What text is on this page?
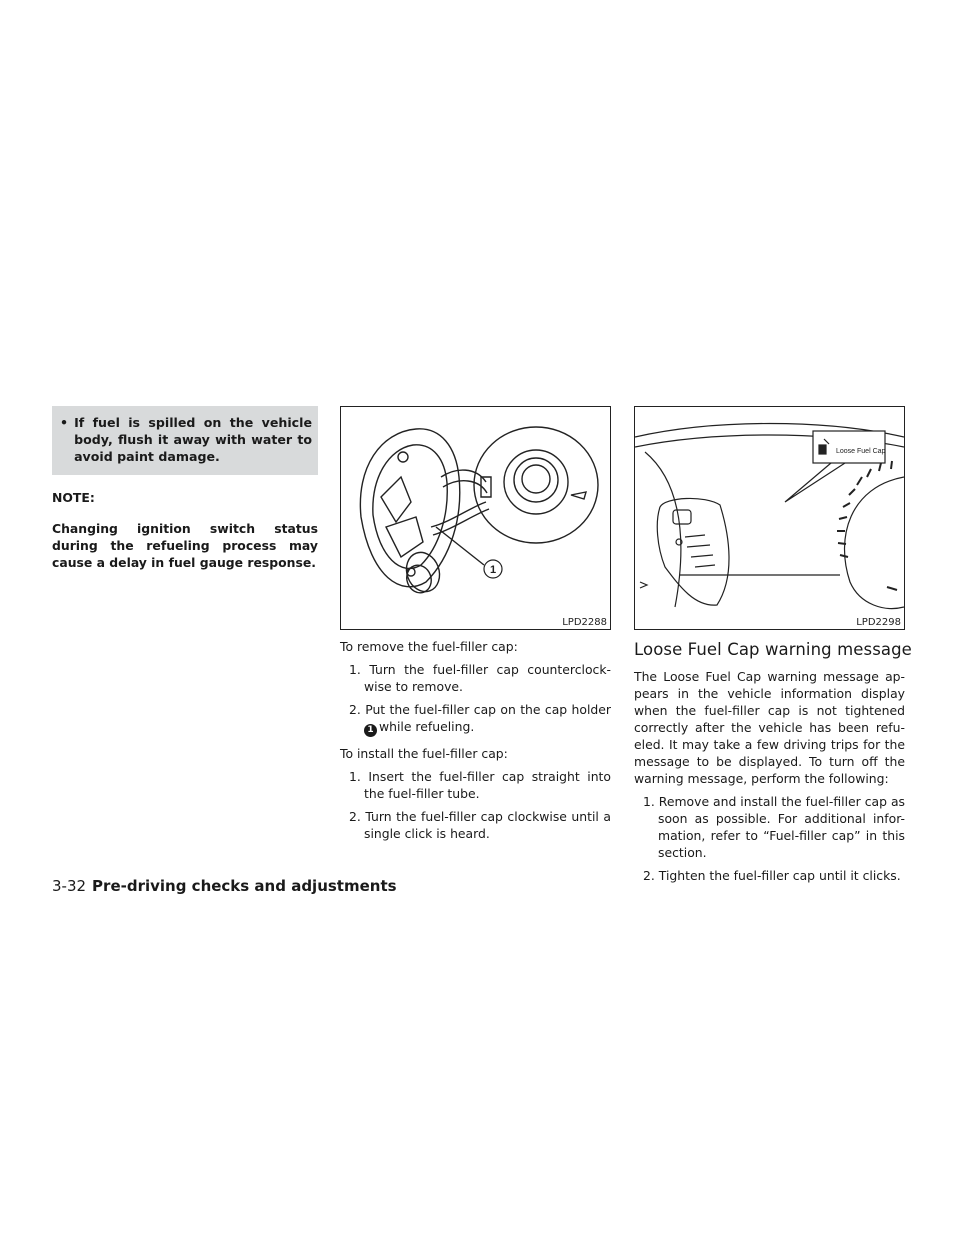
• If fuel is spilled on the vehicle body, flush it away with water to avoid paint damage.
NOTE:
Changing ignition switch status during the refueling process may cause a delay in fuel gauge response.	1
LPD2288
To remove the fuel-filler cap:
1. Turn the fuel-filler cap counterclock- wise to remove.
2. Put the fuel-filler cap on the cap holder 1 while refueling.
To install the fuel-filler cap:
1. Insert the fuel-filler cap straight into the fuel-filler tube.
2. Turn the fuel-filler cap clockwise until a single click is heard.
Loose Fuel Cap
LPD2298
Loose Fuel Cap warning message
The Loose Fuel Cap warning message ap- pears in the vehicle information display when the fuel-filler cap is not tightened correctly after the vehicle has been refu- eled. It may take a few driving trips for the message to be displayed. To turn off the warning message, perform the following:
1. Remove and install the fuel-filler cap as soon as possible. For additional infor- mation, refer to “Fuel-filler cap” in this section.
2. Tighten the fuel-filler cap until it clicks.
3-32 Pre-driving checks and adjustments
